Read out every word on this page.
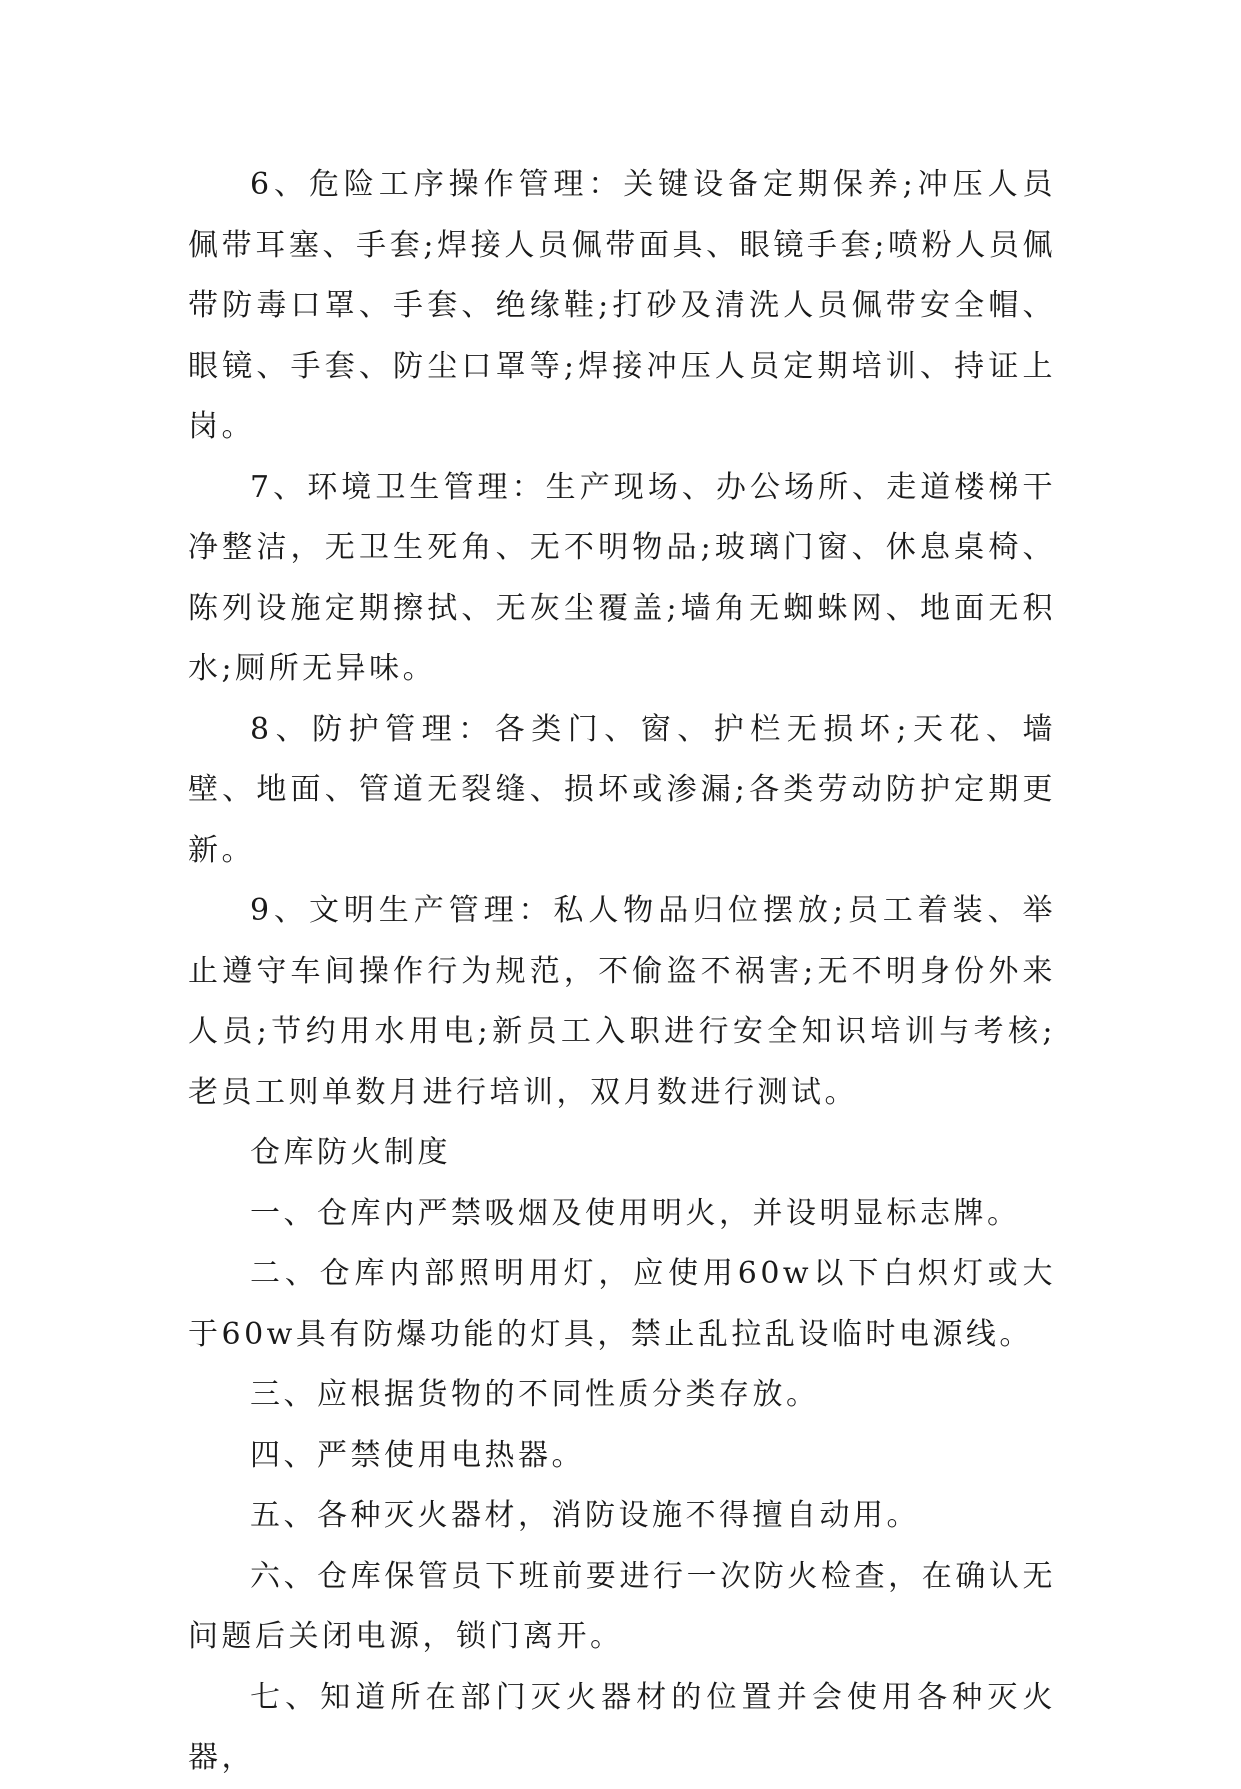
6、危险工序操作管理：关键设备定期保养;冲压人员佩带耳塞、手套;焊接人员佩带面具、眼镜手套;喷粉人员佩带防毒口罩、手套、绝缘鞋;打砂及清洗人员佩带安全帽、眼镜、手套、防尘口罩等;焊接冲压人员定期培训、持证上岗。

7、环境卫生管理：生产现场、办公场所、走道楼梯干净整洁，无卫生死角、无不明物品;玻璃门窗、休息桌椅、陈列设施定期擦拭、无灰尘覆盖;墙角无蜘蛛网、地面无积水;厕所无异味。

8、防护管理：各类门、窗、护栏无损坏;天花、墙壁、地面、管道无裂缝、损坏或渗漏;各类劳动防护定期更新。

9、文明生产管理：私人物品归位摆放;员工着装、举止遵守车间操作行为规范，不偷盗不祸害;无不明身份外来人员;节约用水用电;新员工入职进行安全知识培训与考核;老员工则单数月进行培训，双月数进行测试。

仓库防火制度

一、仓库内严禁吸烟及使用明火，并设明显标志牌。

二、仓库内部照明用灯，应使用60w以下白炽灯或大于60w具有防爆功能的灯具，禁止乱拉乱设临时电源线。

三、应根据货物的不同性质分类存放。

四、严禁使用电热器。

五、各种灭火器材，消防设施不得擅自动用。

六、仓库保管员下班前要进行一次防火检查，在确认无问题后关闭电源，锁门离开。

七、知道所在部门灭火器材的位置并会使用各种灭火器，
